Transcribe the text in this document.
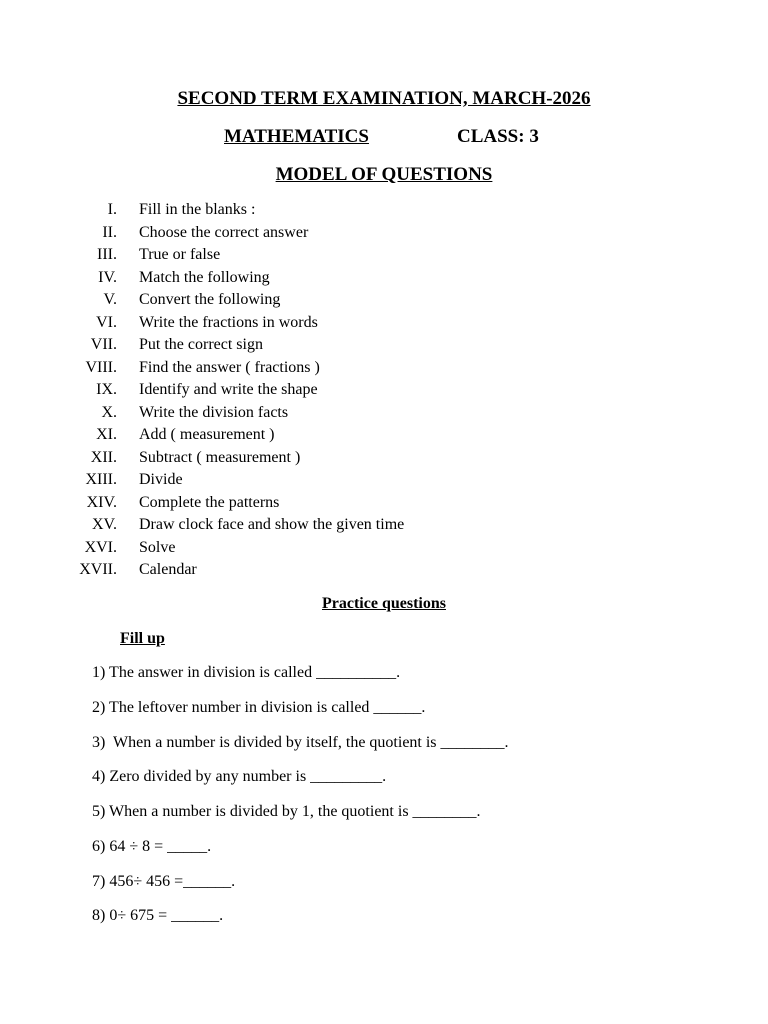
SECOND TERM EXAMINATION, MARCH-2026
MATHEMATICS	CLASS: 3
MODEL OF QUESTIONS
I. Fill in the blanks :
II. Choose the correct answer
III. True or false
IV. Match the following
V. Convert the following
VI. Write the fractions in words
VII. Put the correct sign
VIII. Find the answer ( fractions )
IX. Identify and write the shape
X. Write the division facts
XI. Add ( measurement )
XII. Subtract ( measurement )
XIII. Divide
XIV. Complete the patterns
XV. Draw clock face and show the given time
XVI. Solve
XVII. Calendar
Practice questions
Fill up
1) The answer in division is called __________.
2) The leftover number in division is called ______.
3)  When a number is divided by itself, the quotient is ________.
4) Zero divided by any number is _________.
5) When a number is divided by 1, the quotient is ________.
6) 64 ÷ 8 = _____.
7) 456÷ 456 =______.
8) 0÷ 675 = ______.
